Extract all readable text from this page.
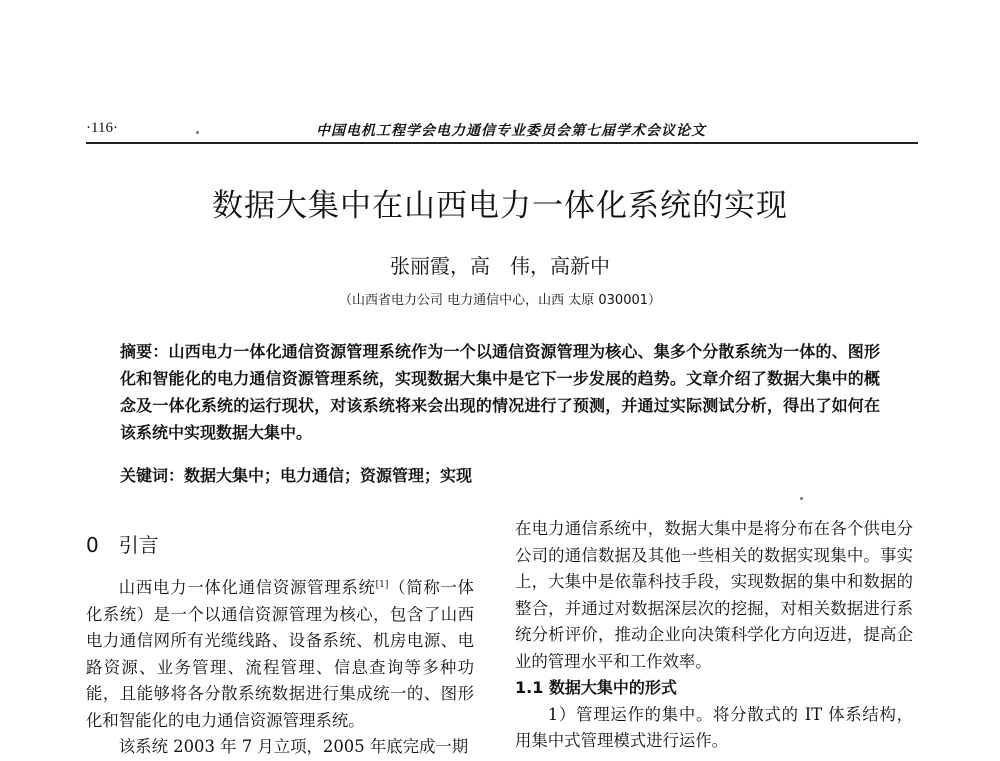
·116·	中国电机工程学会电力通信专业委员会第七届学术会议论文
数据大集中在山西电力一体化系统的实现
张丽霞，高　伟，高新中
（山西省电力公司 电力通信中心，山西 太原 030001）
摘要：山西电力一体化通信资源管理系统作为一个以通信资源管理为核心、集多个分散系统为一体的、图形化和智能化的电力通信资源管理系统，实现数据大集中是它下一步发展的趋势。文章介绍了数据大集中的概念及一体化系统的运行现状，对该系统将来会出现的情况进行了预测，并通过实际测试分析，得出了如何在该系统中实现数据大集中。
关键词：数据大集中；电力通信；资源管理；实现
0　引言

山西电力一体化通信资源管理系统[1]（简称一体化系统）是一个以通信资源管理为核心，包含了山西电力通信网所有光缆线路、设备系统、机房电源、电路资源、业务管理、流程管理、信息查询等多种功能，且能够将各分散系统数据进行集成统一的、图形化和智能化的电力通信资源管理系统。

该系统 2003 年 7 月立项，2005 年底完成一期

在电力通信系统中，数据大集中是将分布在各个供电分公司的通信数据及其他一些相关的数据实现集中。事实上，大集中是依靠科技手段，实现数据的集中和数据的整合，并通过对数据深层次的挖掘，对相关数据进行系统分析评价，推动企业向决策科学化方向迈进，提高企业的管理水平和工作效率。

1.1 数据大集中的形式

1）管理运作的集中。将分散式的 IT 体系结构，用集中式管理模式进行运作。
